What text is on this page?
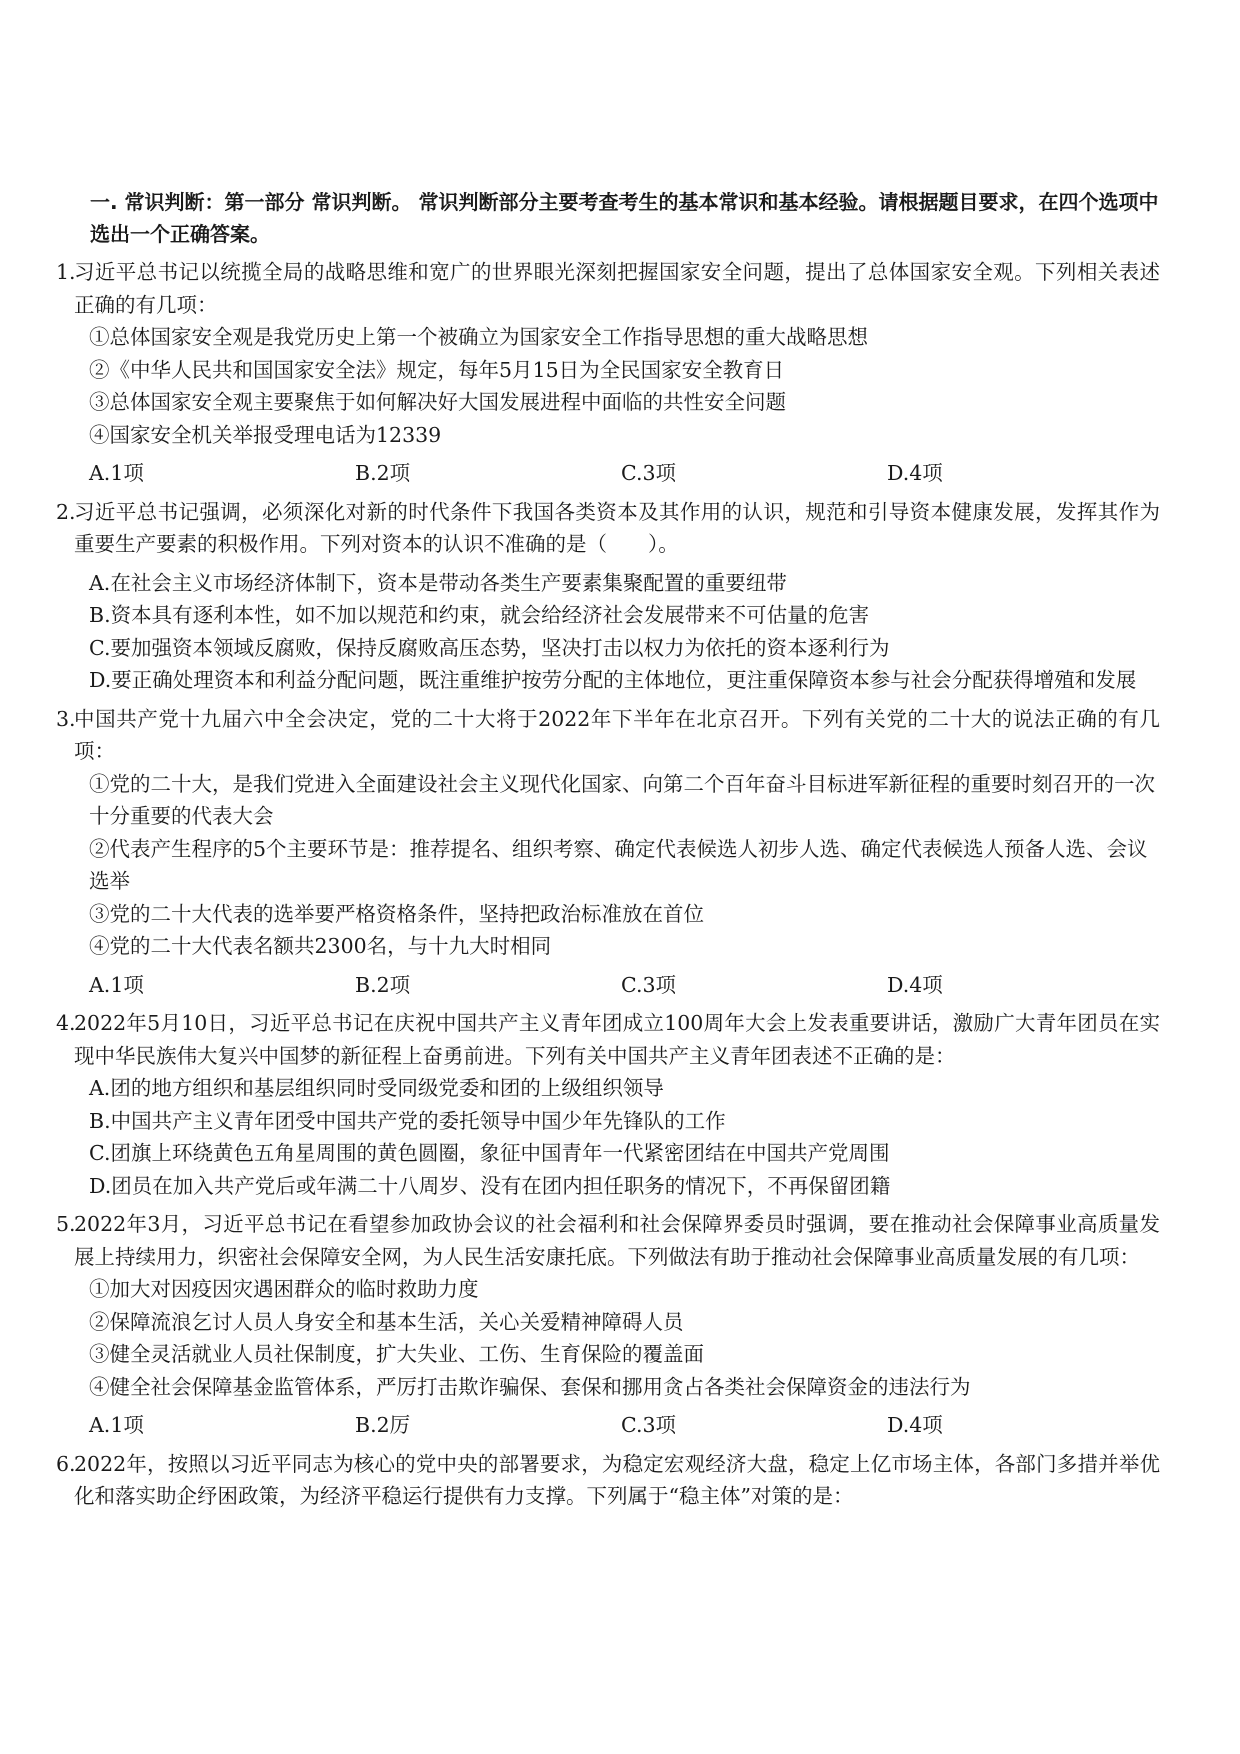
一. 常识判断：第一部分 常识判断。 常识判断部分主要考查考生的基本常识和基本经验。请根据题目要求，在四个选项中选出一个正确答案。
1.
习近平总书记以统揽全局的战略思维和宽广的世界眼光深刻把握国家安全问题，提出了总体国家安全观。下列相关表述正确的有几项：
①总体国家安全观是我党历史上第一个被确立为国家安全工作指导思想的重大战略思想
②《中华人民共和国国家安全法》规定，每年5月15日为全民国家安全教育日
③总体国家安全观主要聚焦于如何解决好大国发展进程中面临的共性安全问题
④国家安全机关举报受理电话为12339
A.1项	B.2项	C.3项	D.4项
2.
习近平总书记强调，必须深化对新的时代条件下我国各类资本及其作用的认识，规范和引导资本健康发展，发挥其作为重要生产要素的积极作用。下列对资本的认识不准确的是（　　）。
A.在社会主义市场经济体制下，资本是带动各类生产要素集聚配置的重要纽带
B.资本具有逐利本性，如不加以规范和约束，就会给经济社会发展带来不可估量的危害
C.要加强资本领域反腐败，保持反腐败高压态势，坚决打击以权力为依托的资本逐利行为
D.要正确处理资本和利益分配问题，既注重维护按劳分配的主体地位，更注重保障资本参与社会分配获得增殖和发展
3.
中国共产党十九届六中全会决定，党的二十大将于2022年下半年在北京召开。下列有关党的二十大的说法正确的有几项：
①党的二十大，是我们党进入全面建设社会主义现代化国家、向第二个百年奋斗目标进军新征程的重要时刻召开的一次十分重要的代表大会
②代表产生程序的5个主要环节是：推荐提名、组织考察、确定代表候选人初步人选、确定代表候选人预备人选、会议选举
③党的二十大代表的选举要严格资格条件，坚持把政治标准放在首位
④党的二十大代表名额共2300名，与十九大时相同
A.1项	B.2项	C.3项	D.4项
4.
2022年5月10日，习近平总书记在庆祝中国共产主义青年团成立100周年大会上发表重要讲话，激励广大青年团员在实现中华民族伟大复兴中国梦的新征程上奋勇前进。下列有关中国共产主义青年团表述不正确的是：
A.团的地方组织和基层组织同时受同级党委和团的上级组织领导
B.中国共产主义青年团受中国共产党的委托领导中国少年先锋队的工作
C.团旗上环绕黄色五角星周围的黄色圆圈，象征中国青年一代紧密团结在中国共产党周围
D.团员在加入共产党后或年满二十八周岁、没有在团内担任职务的情况下，不再保留团籍
5.
2022年3月，习近平总书记在看望参加政协会议的社会福利和社会保障界委员时强调，要在推动社会保障事业高质量发展上持续用力，织密社会保障安全网，为人民生活安康托底。下列做法有助于推动社会保障事业高质量发展的有几项：
①加大对因疫因灾遇困群众的临时救助力度
②保障流浪乞讨人员人身安全和基本生活，关心关爱精神障碍人员
③健全灵活就业人员社保制度，扩大失业、工伤、生育保险的覆盖面
④健全社会保障基金监管体系，严厉打击欺诈骗保、套保和挪用贪占各类社会保障资金的违法行为
A.1项	B.2厉	C.3项	D.4项
6.
2022年，按照以习近平同志为核心的党中央的部署要求，为稳定宏观经济大盘，稳定上亿市场主体，各部门多措并举优化和落实助企纾困政策，为经济平稳运行提供有力支撑。下列属于“稳主体”对策的是：
